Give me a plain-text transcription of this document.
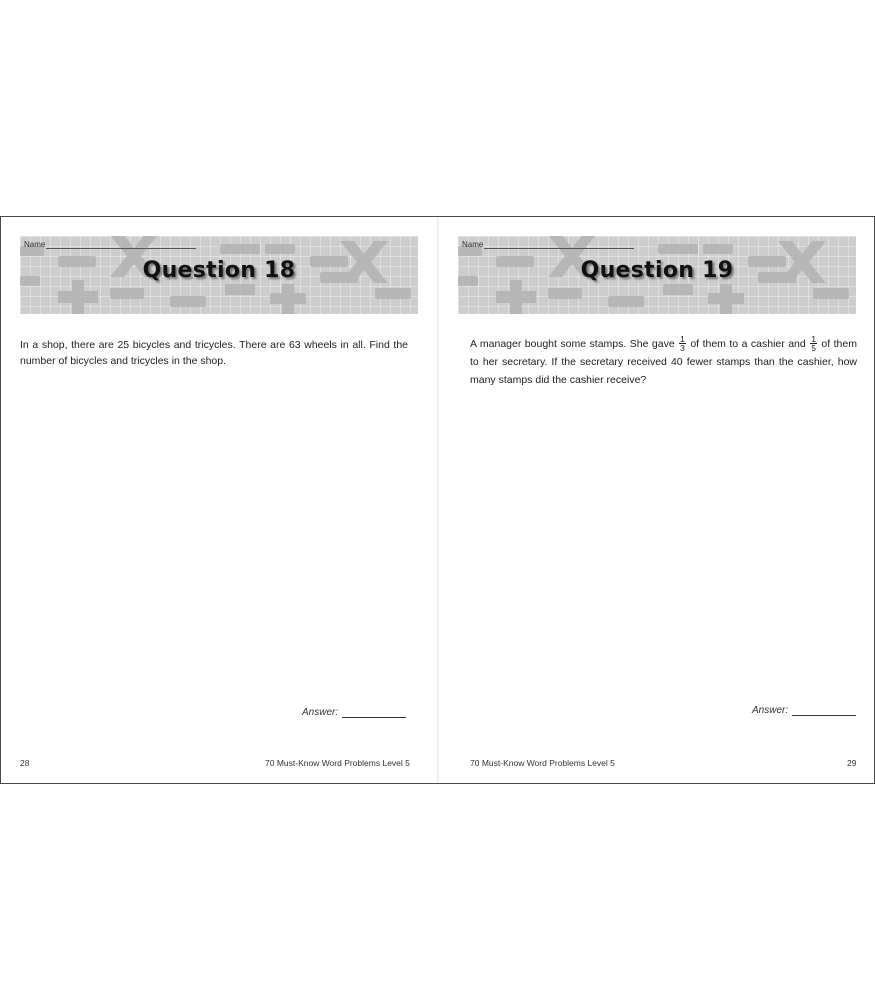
Name
Question 18
In a shop, there are 25 bicycles and tricycles. There are 63 wheels in all. Find the number of bicycles and tricycles in the shop.
Answer:
28	70 Must-Know Word Problems Level 5
Name
Question 19
A manager bought some stamps. She gave $\frac{1}{3}$ of them to a cashier and $\frac{1}{5}$ of them to her secretary. If the secretary received 40 fewer stamps than the cashier, how many stamps did the cashier receive?
Answer:
70 Must-Know Word Problems Level 5	29
